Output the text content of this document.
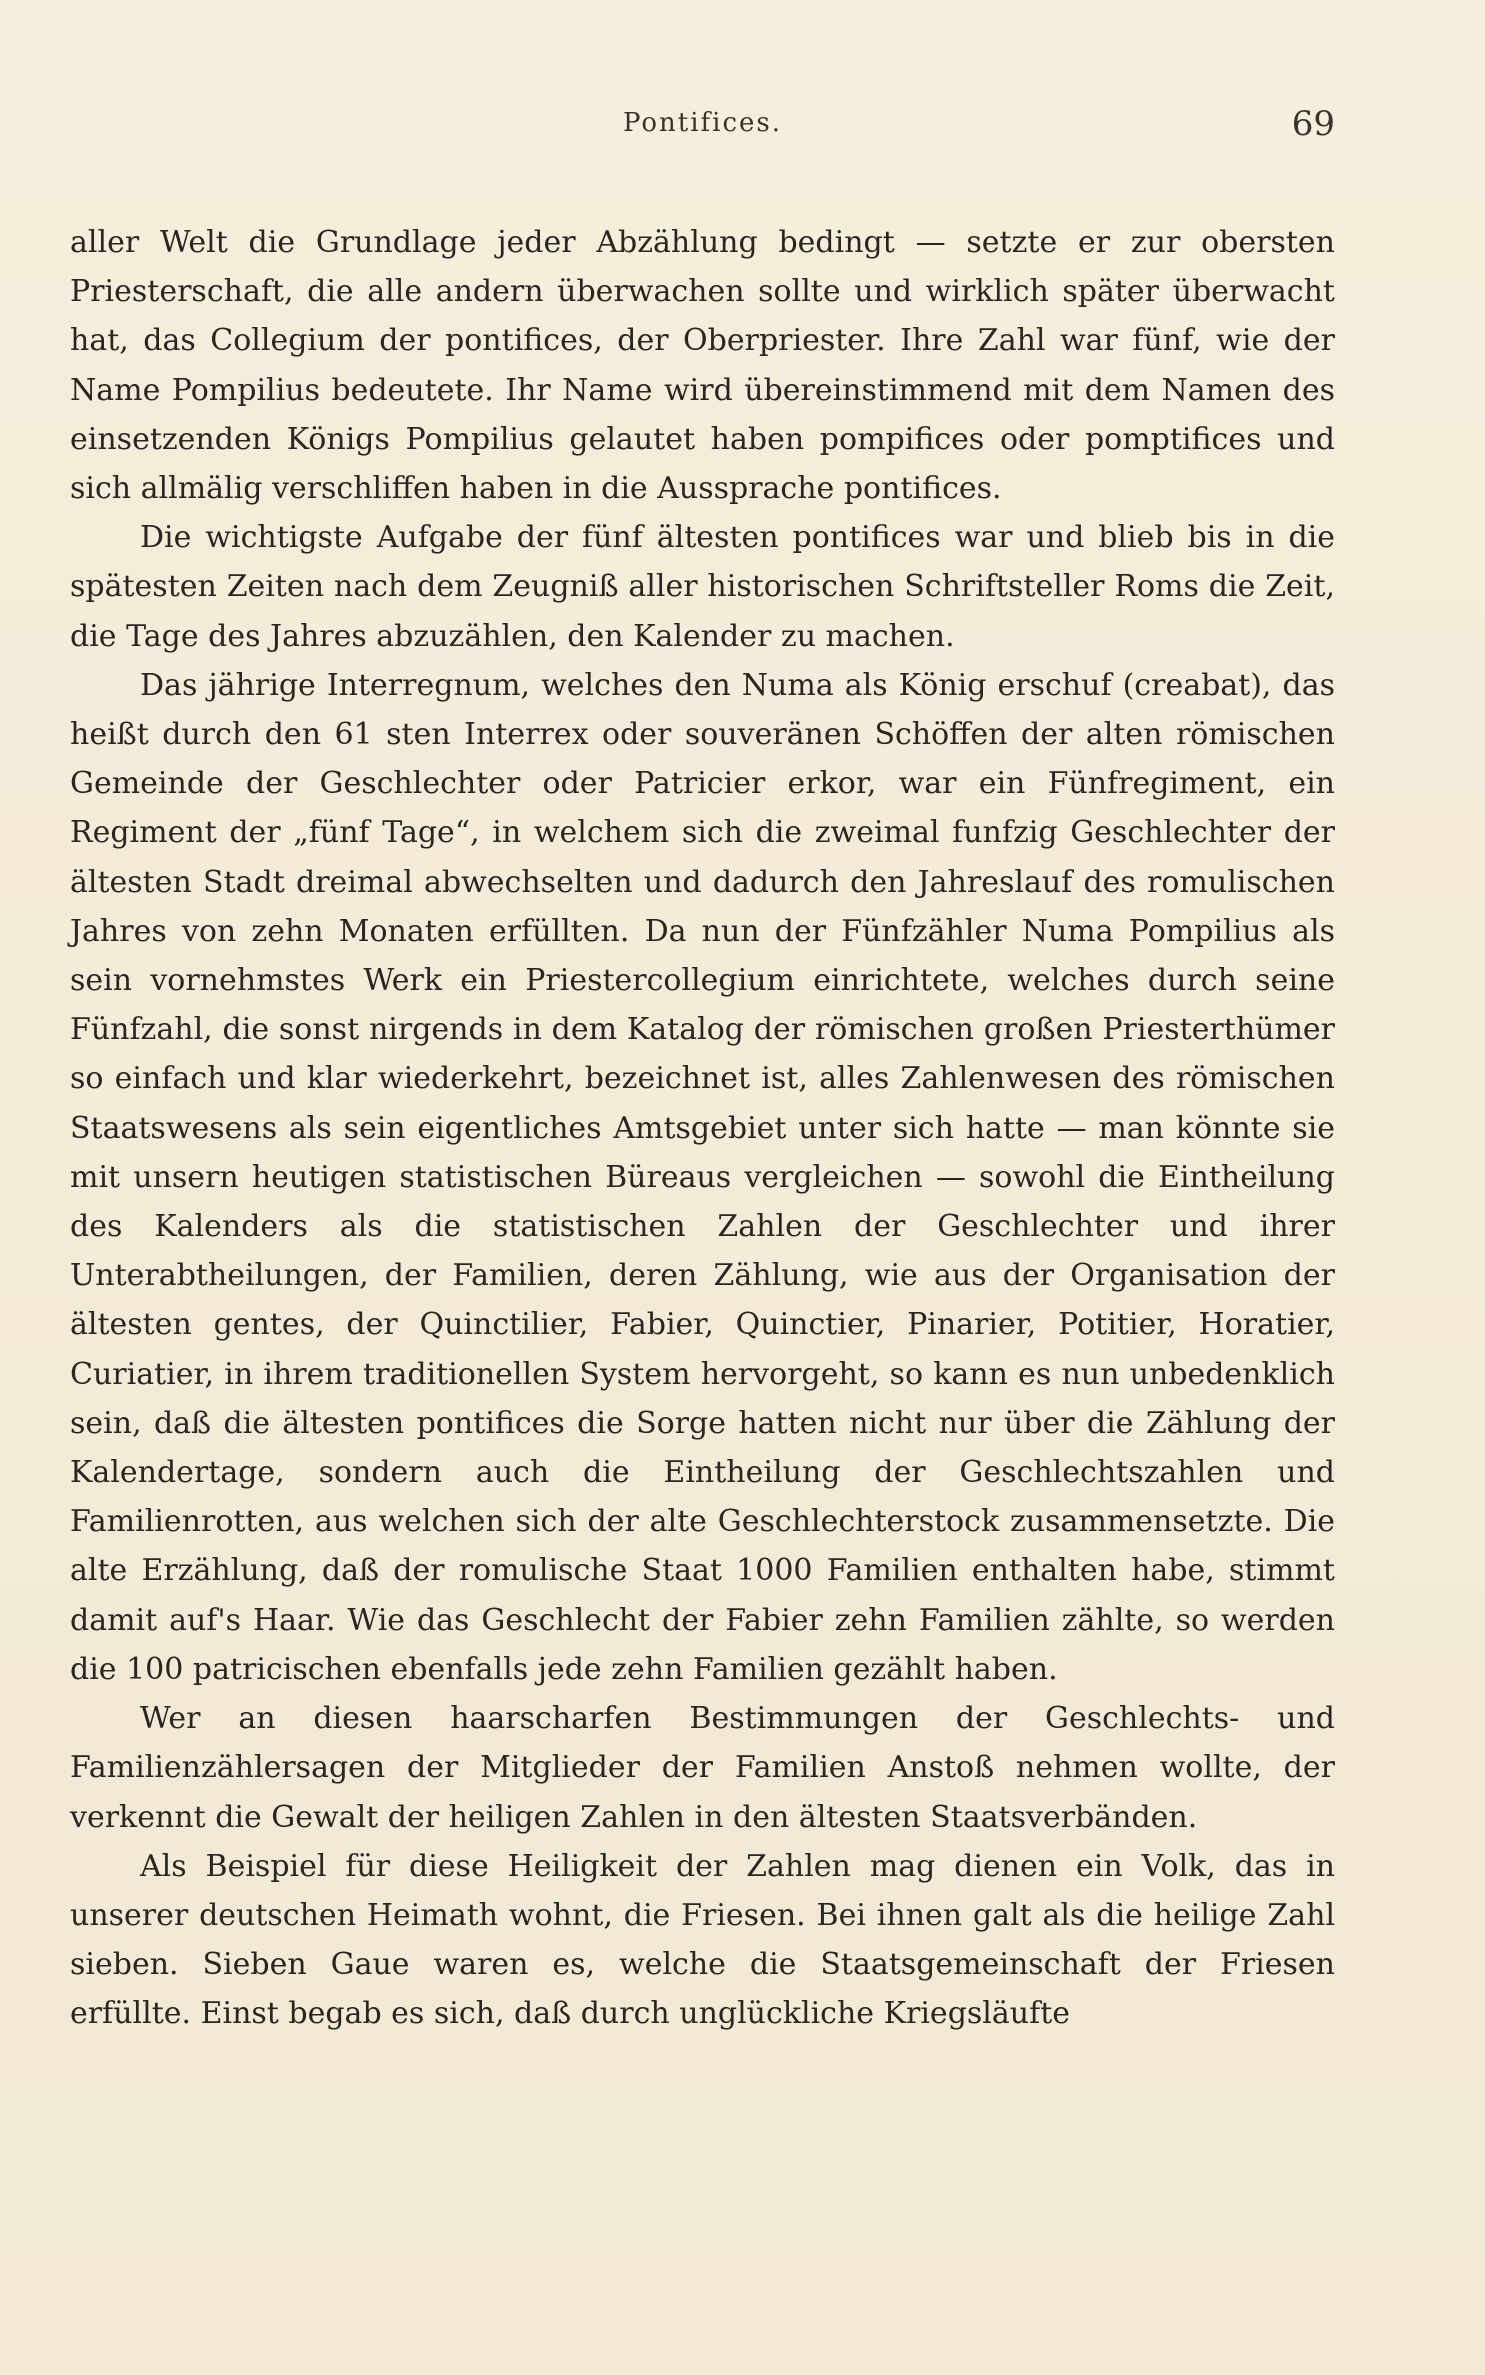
Pontifices.	69

aller Welt die Grundlage jeder Abzählung bedingt — setzte er zur obersten Priesterschaft, die alle andern überwachen sollte und wirklich später überwacht hat, das Collegium der pontifices, der Oberpriester. Ihre Zahl war fünf, wie der Name Pompilius bedeutete. Ihr Name wird übereinstimmend mit dem Namen des einsetzenden Königs Pompilius gelautet haben pompifices oder pomptifices und sich allmälig verschliffen haben in die Aussprache pontifices.

Die wichtigste Aufgabe der fünf ältesten pontifices war und blieb bis in die spätesten Zeiten nach dem Zeugniß aller historischen Schriftsteller Roms die Zeit, die Tage des Jahres abzuzählen, den Kalender zu machen.

Das jährige Interregnum, welches den Numa als König erschuf (creabat), das heißt durch den 61 sten Interrex oder souveränen Schöffen der alten römischen Gemeinde der Geschlechter oder Patricier erkor, war ein Fünfregiment, ein Regiment der „fünf Tage“, in welchem sich die zweimal funfzig Geschlechter der ältesten Stadt dreimal abwechselten und dadurch den Jahreslauf des romulischen Jahres von zehn Monaten erfüllten. Da nun der Fünfzähler Numa Pompilius als sein vornehmstes Werk ein Priestercollegium einrichtete, welches durch seine Fünfzahl, die sonst nirgends in dem Katalog der römischen großen Priesterthümer so einfach und klar wiederkehrt, bezeichnet ist, alles Zahlenwesen des römischen Staatswesens als sein eigentliches Amtsgebiet unter sich hatte — man könnte sie mit unsern heutigen statistischen Büreaus vergleichen — sowohl die Eintheilung des Kalenders als die statistischen Zahlen der Geschlechter und ihrer Unterabtheilungen, der Familien, deren Zählung, wie aus der Organisation der ältesten gentes, der Quinctilier, Fabier, Quinctier, Pinarier, Potitier, Horatier, Curiatier, in ihrem traditionellen System hervorgeht, so kann es nun unbedenklich sein, daß die ältesten pontifices die Sorge hatten nicht nur über die Zählung der Kalendertage, sondern auch die Eintheilung der Geschlechtszahlen und Familienrotten, aus welchen sich der alte Geschlechterstock zusammensetzte. Die alte Erzählung, daß der romulische Staat 1000 Familien enthalten habe, stimmt damit auf's Haar. Wie das Geschlecht der Fabier zehn Familien zählte, so werden die 100 patricischen ebenfalls jede zehn Familien gezählt haben.

Wer an diesen haarscharfen Bestimmungen der Geschlechts- und Familienzählersagen der Mitglieder der Familien Anstoß nehmen wollte, der verkennt die Gewalt der heiligen Zahlen in den ältesten Staatsverbänden.

Als Beispiel für diese Heiligkeit der Zahlen mag dienen ein Volk, das in unserer deutschen Heimath wohnt, die Friesen. Bei ihnen galt als die heilige Zahl sieben. Sieben Gaue waren es, welche die Staatsgemeinschaft der Friesen erfüllte. Einst begab es sich, daß durch unglückliche Kriegsläufte
